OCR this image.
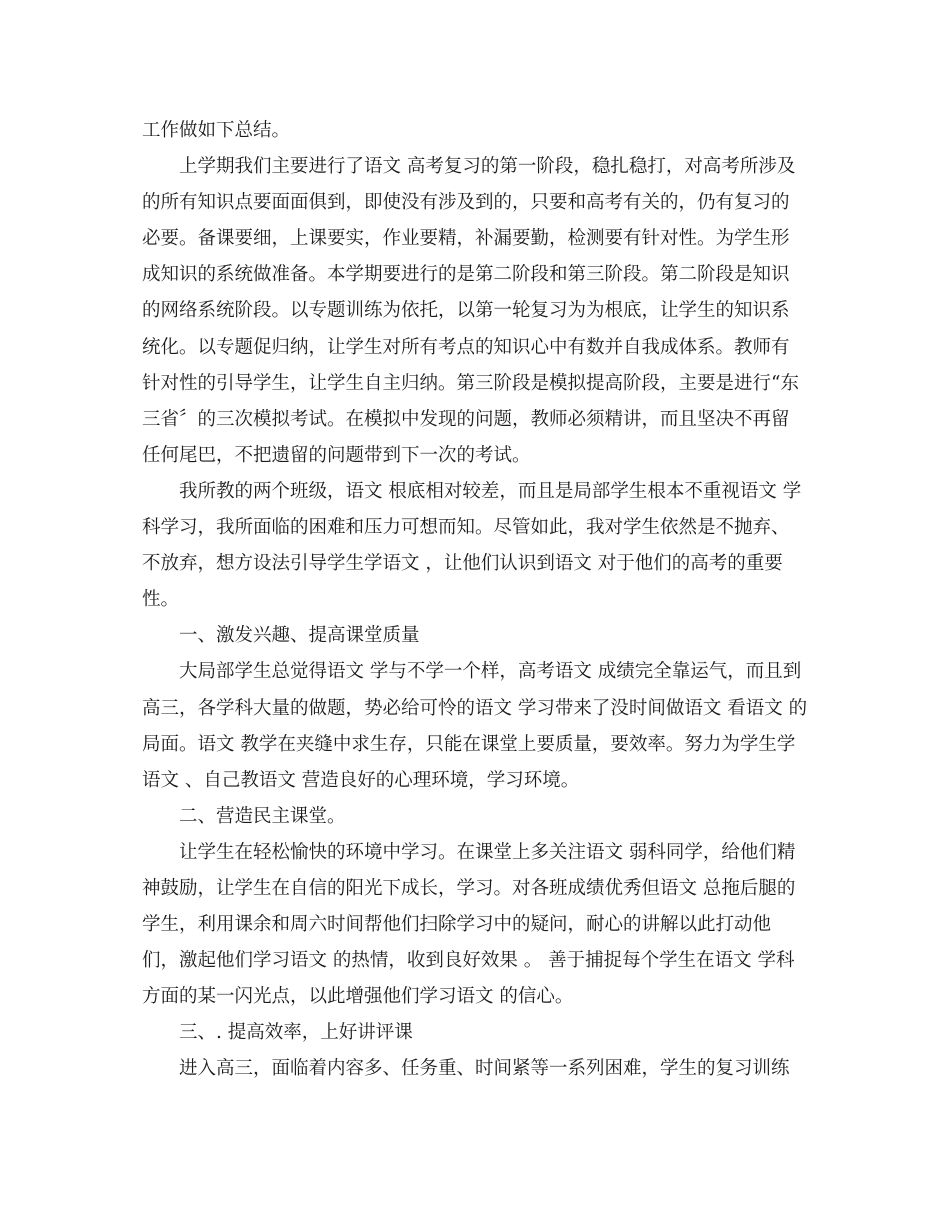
工作做如下总结。
上学期我们主要进行了语文 高考复习的第一阶段，稳扎稳打，对高考所涉及
的所有知识点要面面俱到，即使没有涉及到的，只要和高考有关的，仍有复习的
必要。备课要细，上课要实，作业要精，补漏要勤，检测要有针对性。为学生形
成知识的系统做准备。本学期要进行的是第二阶段和第三阶段。第二阶段是知识
的网络系统阶段。以专题训练为依托，以第一轮复习为为根底，让学生的知识系
统化。以专题促归纳，让学生对所有考点的知识心中有数并自我成体系。教师有
针对性的引导学生，让学生自主归纳。第三阶段是模拟提高阶段，主要是进行“东
三省〞的三次模拟考试。在模拟中发现的问题，教师必须精讲，而且坚决不再留
任何尾巴，不把遗留的问题带到下一次的考试。
我所教的两个班级，语文 根底相对较差，而且是局部学生根本不重视语文 学
科学习，我所面临的困难和压力可想而知。尽管如此，我对学生依然是不抛弃、
不放弃，想方设法引导学生学语文 ，让他们认识到语文 对于他们的高考的重要
性。
一、激发兴趣、提高课堂质量
大局部学生总觉得语文 学与不学一个样，高考语文 成绩完全靠运气，而且到
高三，各学科大量的做题，势必给可怜的语文 学习带来了没时间做语文 看语文 的
局面。语文 教学在夹缝中求生存，只能在课堂上要质量，要效率。努力为学生学
语文 、自己教语文 营造良好的心理环境，学习环境。
二、营造民主课堂。
让学生在轻松愉快的环境中学习。在课堂上多关注语文 弱科同学，给他们精
神鼓励，让学生在自信的阳光下成长，学习。对各班成绩优秀但语文 总拖后腿的
学生，利用课余和周六时间帮他们扫除学习中的疑问，耐心的讲解以此打动他
们，激起他们学习语文 的热情，收到良好效果 。 善于捕捉每个学生在语文 学科
方面的某一闪光点，以此增强他们学习语文 的信心。
三、. 提高效率，上好讲评课
进入高三，面临着内容多、任务重、时间紧等一系列困难，学生的复习训练
